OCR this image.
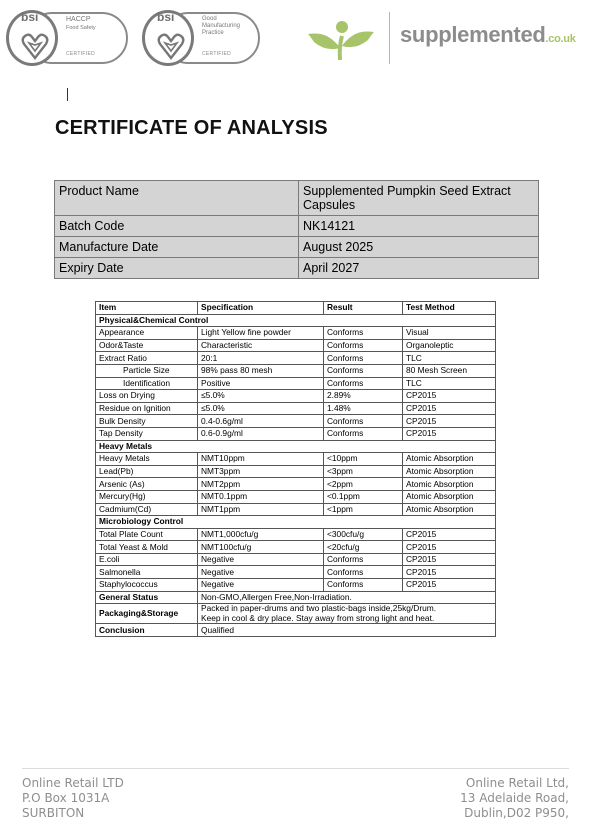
bsi	HACCP
Food Safety
CERTIFIED
bsi	Good
Manufacturing
Practice
CERTIFIED
supplemented.co.uk
CERTIFICATE OF ANALYSIS
Product Name	Supplemented Pumpkin Seed Extract Capsules
Batch Code	NK14121
Manufacture Date	August 2025
Expiry Date	April 2027
Item	Specification	Result	Test Method
Physical&Chemical Control			
Appearance	Light Yellow fine powder	Conforms	Visual
Odor&Taste	Characteristic	Conforms	Organoleptic
Extract Ratio	20:1	Conforms	TLC
Particle Size	98% pass 80 mesh	Conforms	80 Mesh Screen
Identification	Positive	Conforms	TLC
Loss on Drying	≤5.0%	2.89%	CP2015
Residue on Ignition	≤5.0%	1.48%	CP2015
Bulk Density	0.4-0.6g/ml	Conforms	CP2015
Tap Density	0.6-0.9g/ml	Conforms	CP2015
Heavy Metals			
Heavy Metals	NMT10ppm	<10ppm	Atomic Absorption
Lead(Pb)	NMT3ppm	<3ppm	Atomic Absorption
Arsenic (As)	NMT2ppm	<2ppm	Atomic Absorption
Mercury(Hg)	NMT0.1ppm	<0.1ppm	Atomic Absorption
Cadmium(Cd)	NMT1ppm	<1ppm	Atomic Absorption
Microbiology Control			
Total Plate Count	NMT1,000cfu/g	<300cfu/g	CP2015
Total Yeast & Mold	NMT100cfu/g	<20cfu/g	CP2015
E.coli	Negative	Conforms	CP2015
Salmonella	Negative	Conforms	CP2015
Staphylococcus	Negative	Conforms	CP2015
General Status	Non-GMO,Allergen Free,Non-Irradiation.		
Packaging&Storage	Packed in paper-drums and two plastic-bags inside,25kg/Drum.
Keep in cool & dry place. Stay away from strong light and heat.		

Conclusion	Qualified		
Online Retail LTD
P.O Box 1031A
SURBITON
Online Retail Ltd,
13 Adelaide Road,
Dublin,D02 P950,
